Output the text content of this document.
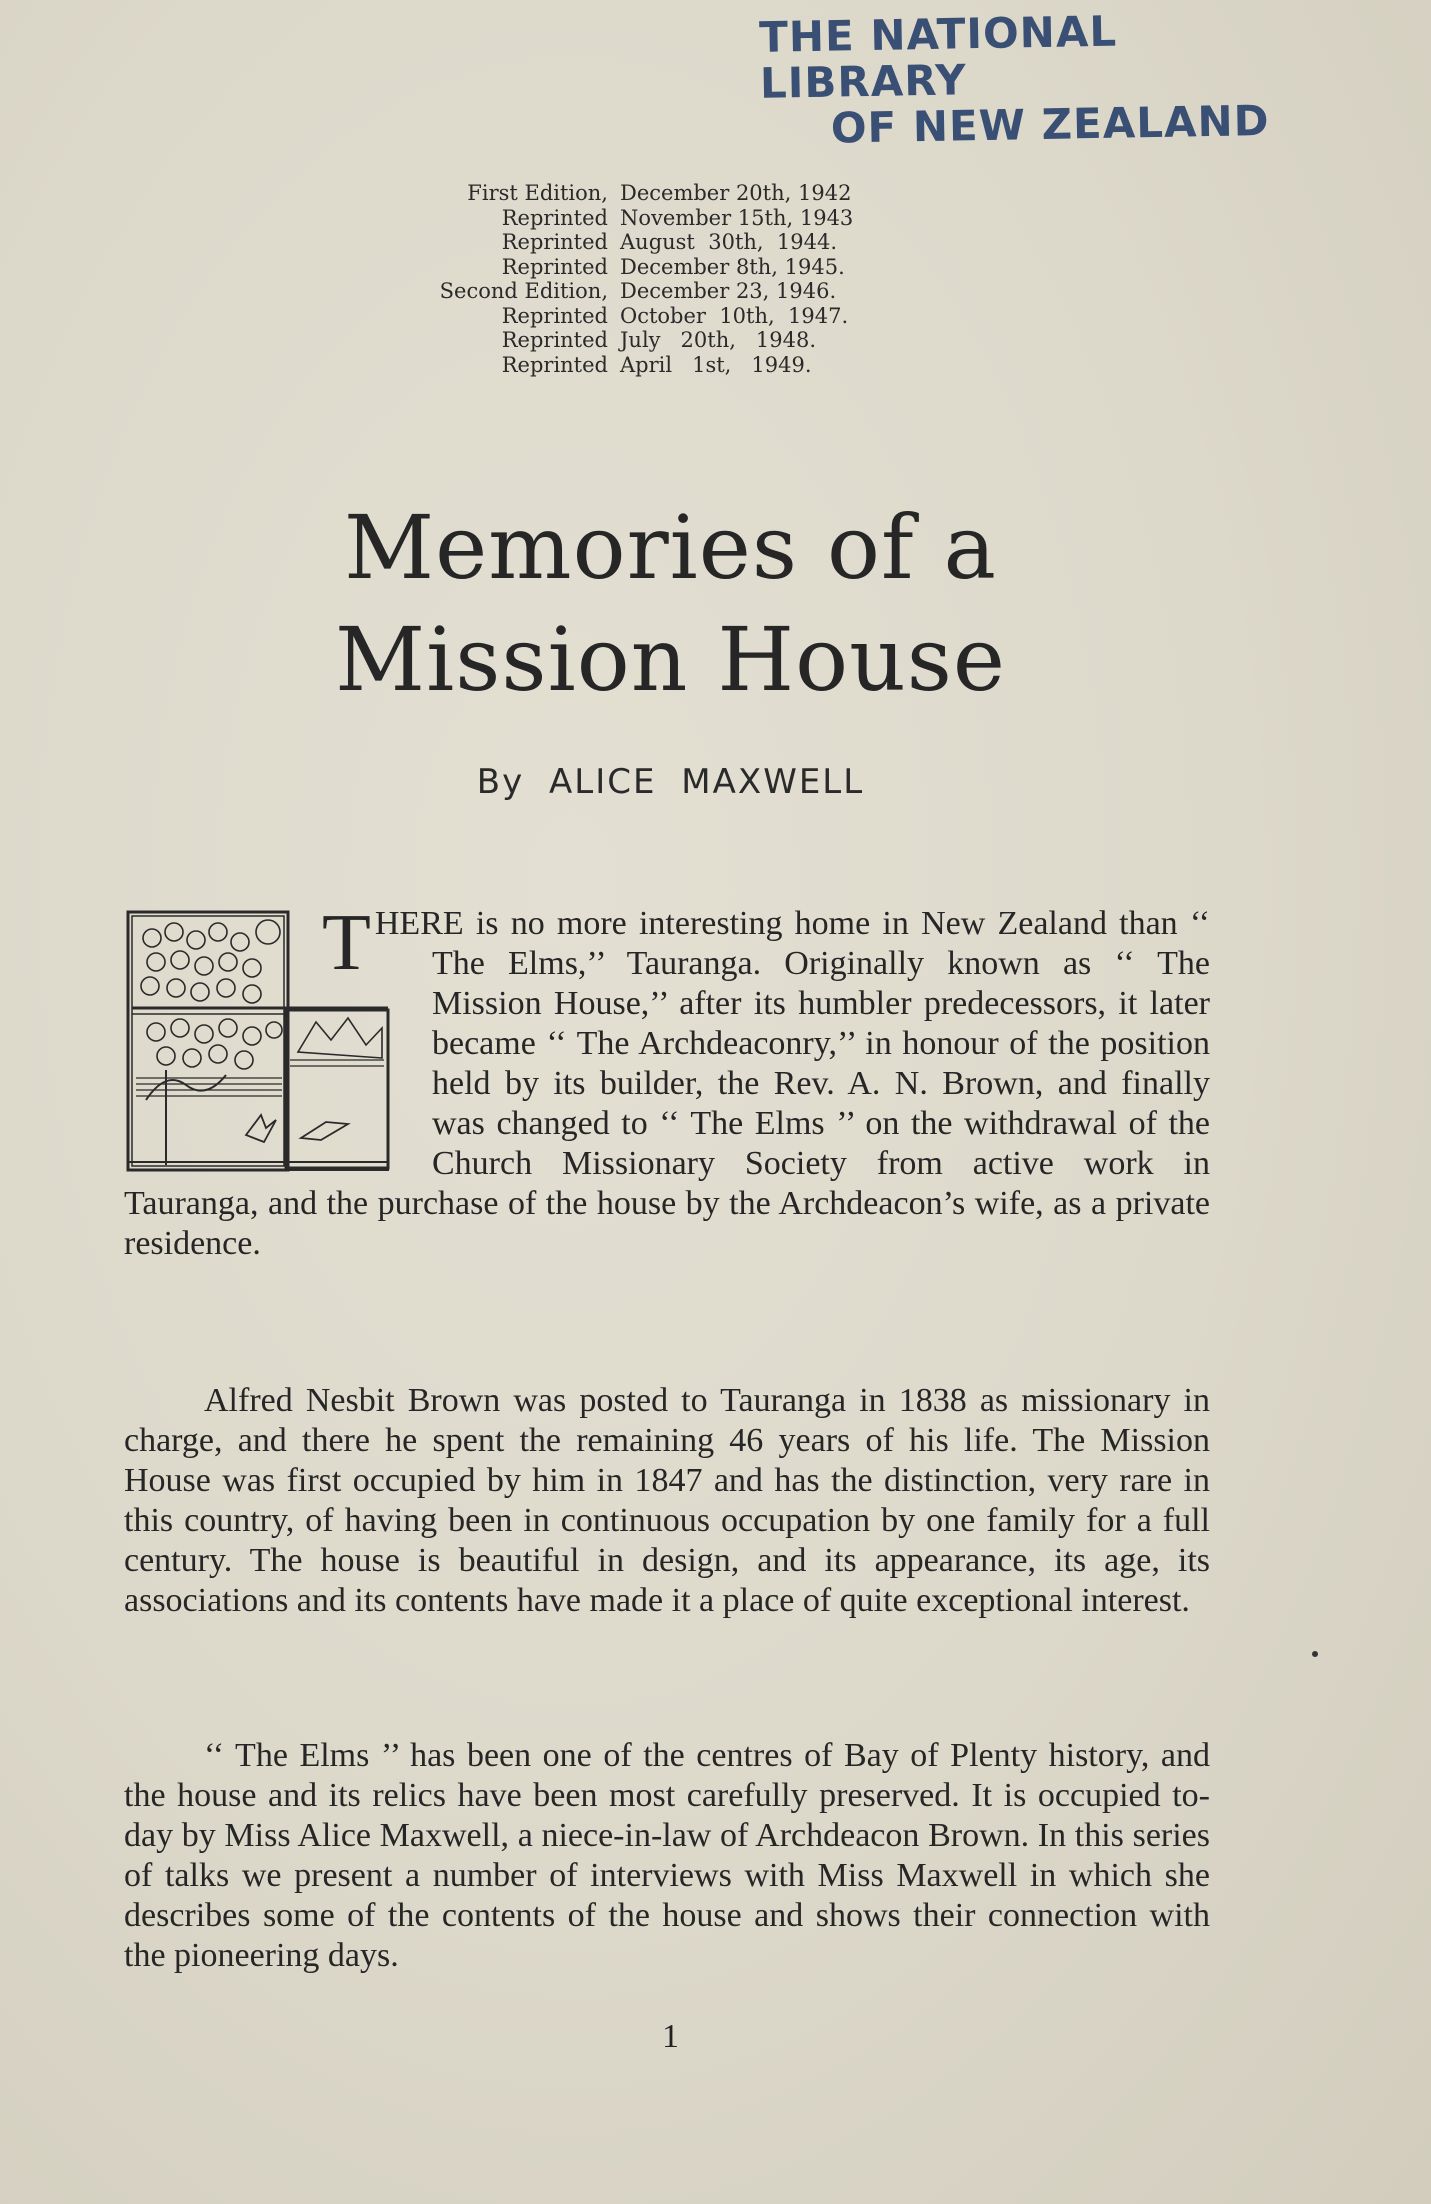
THE NATIONAL LIBRARY
OF NEW ZEALAND
First Edition, December 20th, 1942
Reprinted November 15th, 1943
Reprinted August  30th,  1944.
Reprinted December 8th, 1945.
Second Edition, December 23, 1946.
Reprinted October  10th,  1947.
Reprinted July   20th,   1948.
Reprinted April   1st,   1949.
Memories of a
Mission House
By ALICE MAXWELL
T HERE is no more interesting home in New Zealand than ‘‘ The Elms,’’ Tauranga. Originally known as ‘‘ The Mission House,’’ after its humbler predecessors, it later became ‘‘ The Archdeaconry,’’ in honour of the position held by its builder, the Rev. A. N. Brown, and finally was changed to ‘‘ The Elms ’’ on the withdrawal of the Church Missionary Society from active work in Tauranga, and the purchase of the house by the Archdeacon’s wife, as a private residence.

Alfred Nesbit Brown was posted to Tauranga in 1838 as missionary in charge, and there he spent the remaining 46 years of his life. The Mission House was first occupied by him in 1847 and has the distinction, very rare in this country, of having been in continuous occupation by one family for a full century. The house is beautiful in design, and its appearance, its age, its associations and its contents have made it a place of quite exceptional interest.

‘‘ The Elms ’’ has been one of the centres of Bay of Plenty history, and the house and its relics have been most carefully preserved. It is occupied to-day by Miss Alice Maxwell, a niece-in-law of Archdeacon Brown. In this series of talks we present a number of interviews with Miss Maxwell in which she describes some of the contents of the house and shows their connection with the pioneering days.

1
